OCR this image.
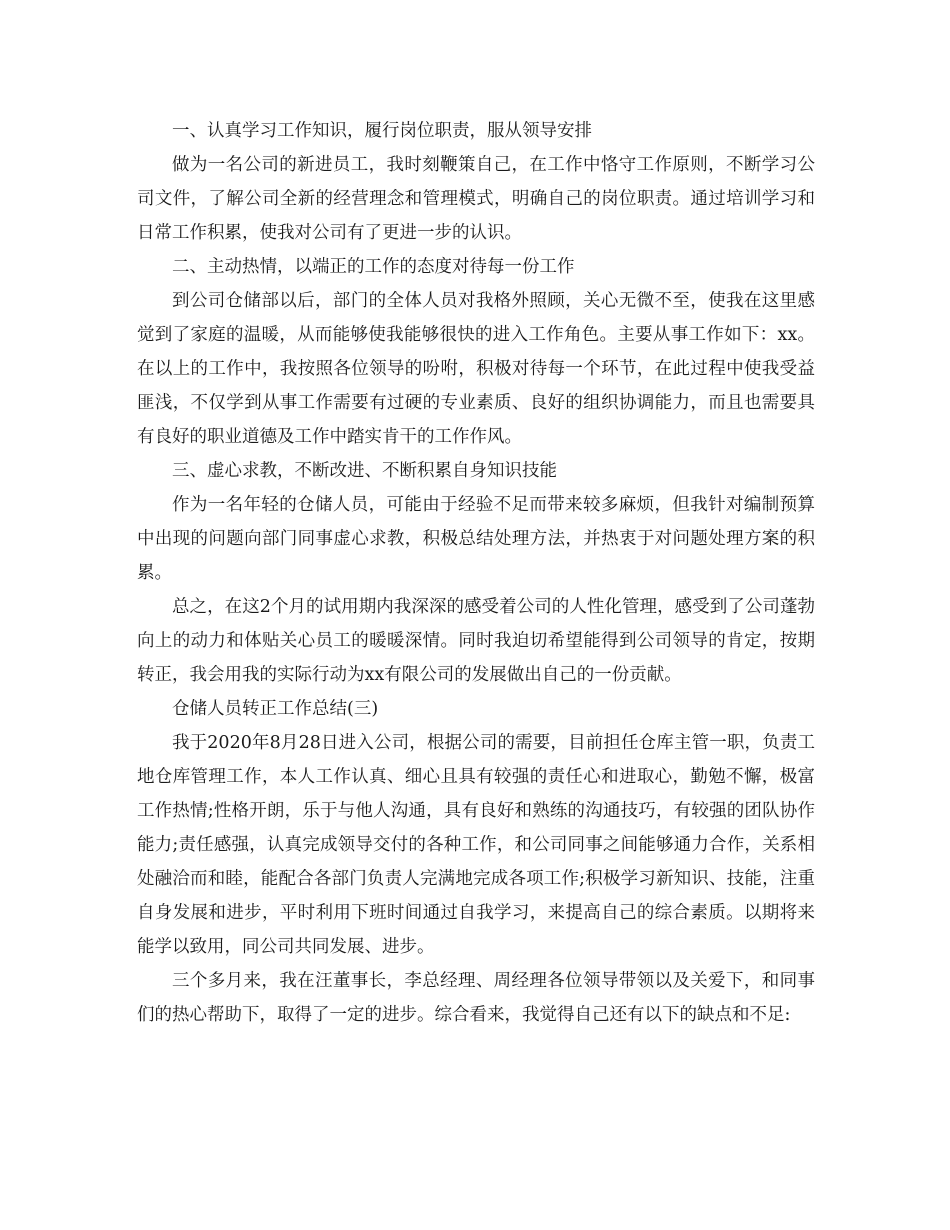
一、认真学习工作知识，履行岗位职责，服从领导安排

做为一名公司的新进员工，我时刻鞭策自己，在工作中恪守工作原则，不断学习公司文件，了解公司全新的经营理念和管理模式，明确自己的岗位职责。通过培训学习和日常工作积累，使我对公司有了更进一步的认识。

二、主动热情，以端正的工作的态度对待每一份工作

到公司仓储部以后，部门的全体人员对我格外照顾，关心无微不至，使我在这里感觉到了家庭的温暖，从而能够使我能够很快的进入工作角色。主要从事工作如下：xx。在以上的工作中，我按照各位领导的吩咐，积极对待每一个环节，在此过程中使我受益匪浅，不仅学到从事工作需要有过硬的专业素质、良好的组织协调能力，而且也需要具有良好的职业道德及工作中踏实肯干的工作作风。

三、虚心求教，不断改进、不断积累自身知识技能

作为一名年轻的仓储人员，可能由于经验不足而带来较多麻烦，但我针对编制预算中出现的问题向部门同事虚心求教，积极总结处理方法，并热衷于对问题处理方案的积累。

总之，在这2个月的试用期内我深深的感受着公司的人性化管理，感受到了公司蓬勃向上的动力和体贴关心员工的暖暖深情。同时我迫切希望能得到公司领导的肯定，按期转正，我会用我的实际行动为xx有限公司的发展做出自己的一份贡献。

仓储人员转正工作总结(三)

我于2020年8月28日进入公司，根据公司的需要，目前担任仓库主管一职，负责工地仓库管理工作，本人工作认真、细心且具有较强的责任心和进取心，勤勉不懈，极富工作热情;性格开朗，乐于与他人沟通，具有良好和熟练的沟通技巧，有较强的团队协作能力;责任感强，认真完成领导交付的各种工作，和公司同事之间能够通力合作，关系相处融洽而和睦，能配合各部门负责人完满地完成各项工作;积极学习新知识、技能，注重自身发展和进步，平时利用下班时间通过自我学习，来提高自己的综合素质。以期将来能学以致用，同公司共同发展、进步。

三个多月来，我在汪董事长，李总经理、周经理各位领导带领以及关爱下，和同事们的热心帮助下，取得了一定的进步。综合看来，我觉得自己还有以下的缺点和不足:
